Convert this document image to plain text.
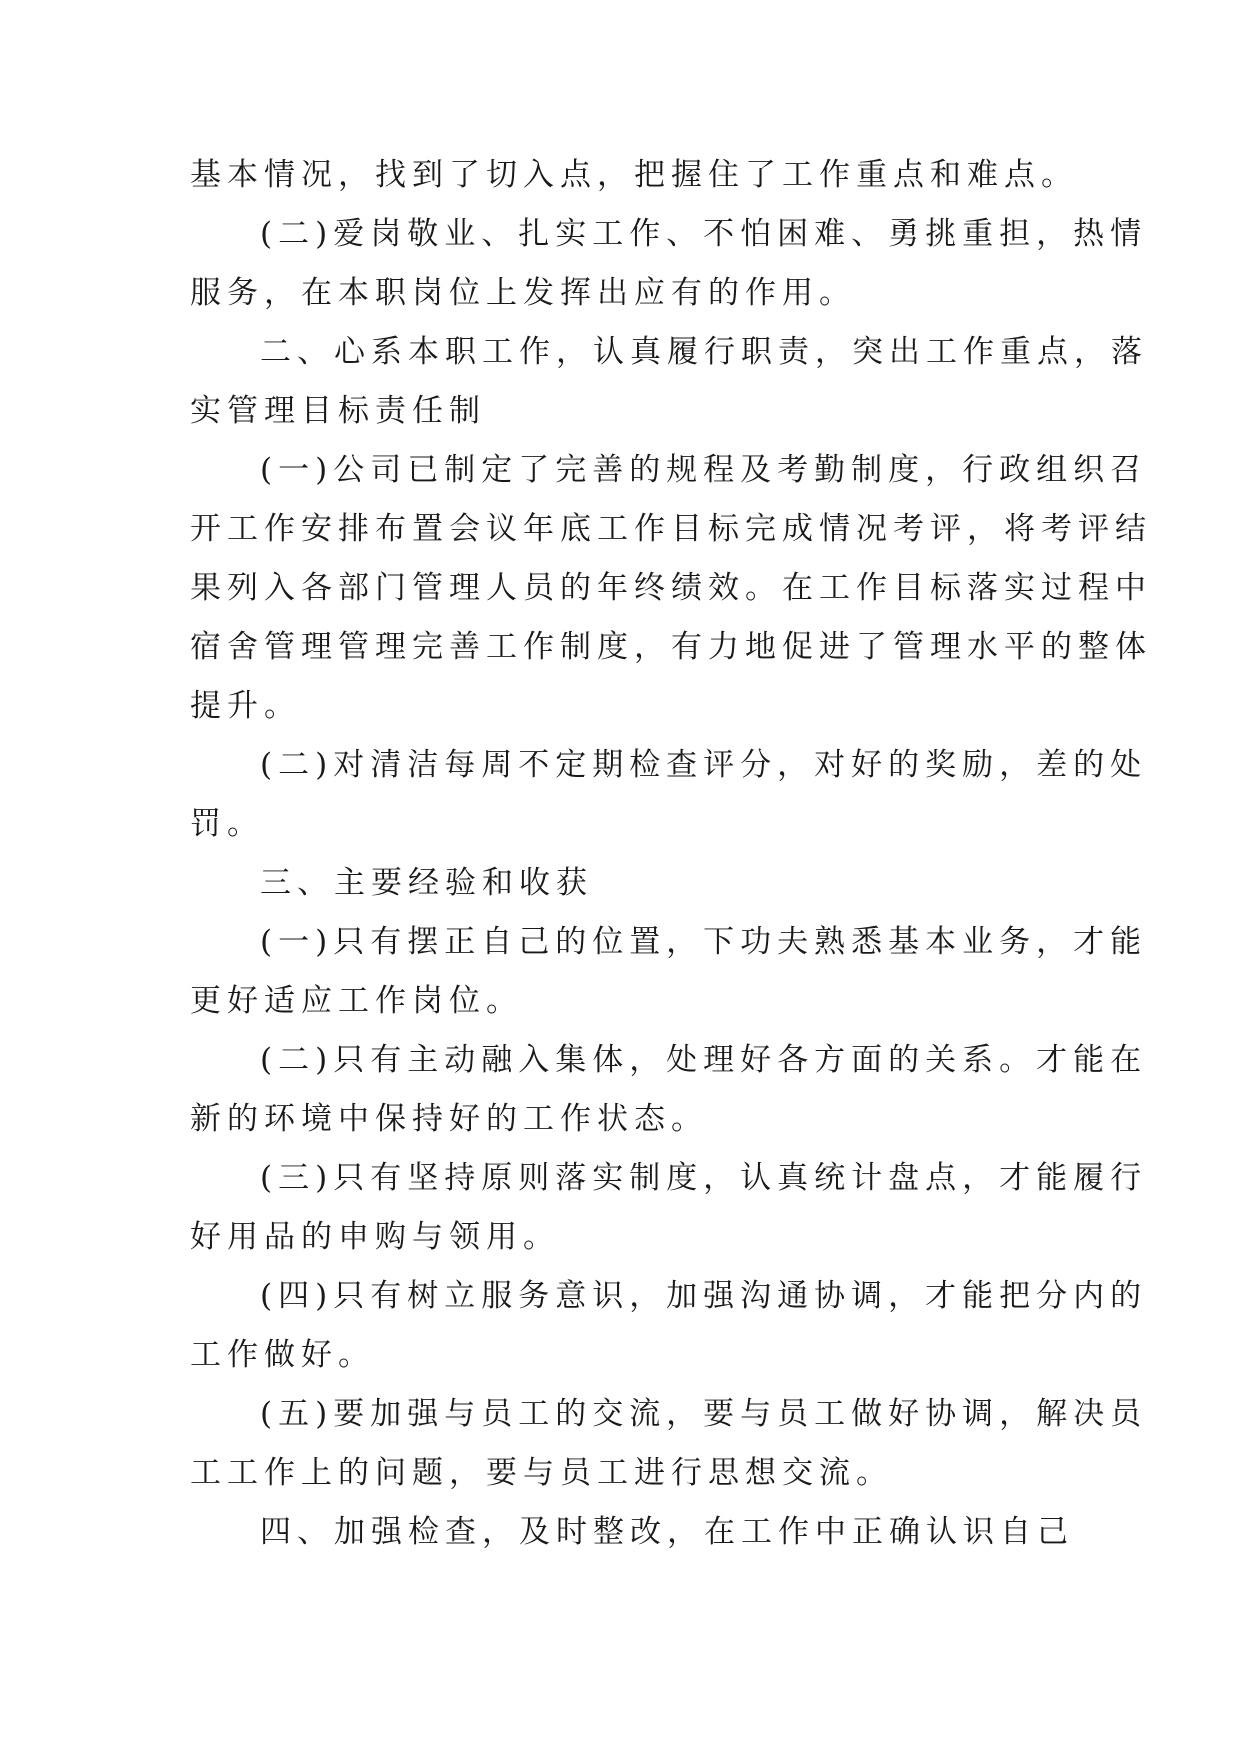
基本情况，找到了切入点，把握住了工作重点和难点。
(二)爱岗敬业、扎实工作、不怕困难、勇挑重担，热情
服务，在本职岗位上发挥出应有的作用。
二、心系本职工作，认真履行职责，突出工作重点，落
实管理目标责任制
(一)公司已制定了完善的规程及考勤制度，行政组织召
开工作安排布置会议年底工作目标完成情况考评，将考评结
果列入各部门管理人员的年终绩效。在工作目标落实过程中
宿舍管理管理完善工作制度，有力地促进了管理水平的整体
提升。
(二)对清洁每周不定期检查评分，对好的奖励，差的处
罚。
三、主要经验和收获
(一)只有摆正自己的位置，下功夫熟悉基本业务，才能
更好适应工作岗位。
(二)只有主动融入集体，处理好各方面的关系。才能在
新的环境中保持好的工作状态。
(三)只有坚持原则落实制度，认真统计盘点，才能履行
好用品的申购与领用。
(四)只有树立服务意识，加强沟通协调，才能把分内的
工作做好。
(五)要加强与员工的交流，要与员工做好协调，解决员
工工作上的问题，要与员工进行思想交流。
四、加强检查，及时整改，在工作中正确认识自己
